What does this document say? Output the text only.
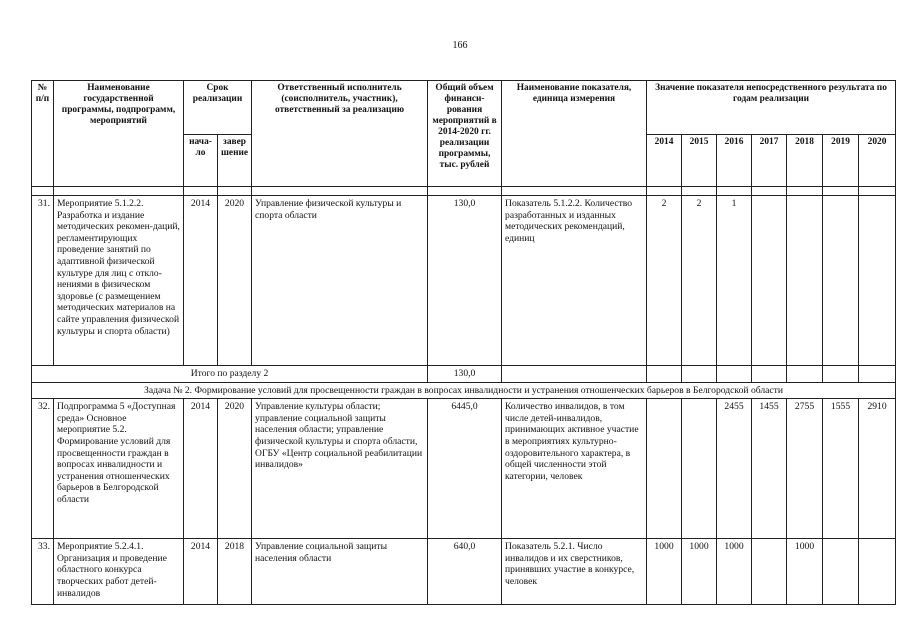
166
№ п/п	Наименование государственной программы, подпрограмм, мероприятий	Срок реализации		Ответственный исполнитель (соисполнитель, участник), ответственный за реализацию	Общий объем финанси-рования мероприятий в 2014-2020 гг. реализации программы, тыс. рублей	Наименование показателя, единица измерения	Значение показателя непосредственного результата по годам реализации						
		нача-ло	завер шение				2014	2015	2016	2017	2018	2019	2020

31.	Мероприятие 5.1.2.2. Разработка и издание методических рекомен-даций, регламентирующих проведение занятий по адаптивной физической культуре для лиц с откло-нениями в физическом здоровье (с размещением методических материалов на сайте управления физической культуры и спорта области)	2014	2020	Управление физической культуры и спорта области	130,0	Показатель 5.1.2.2. Количество разработанных и изданных методических рекомендаций, единиц	2	2	1				
Итого по разделу 2					130,0								
Задача № 2. Формирование условий для просвещенности граждан в вопросах инвалидности и устранения отношенческих барьеров в Белгородской области													
32.	Подпрограмма 5 «Доступная среда» Основное мероприятие 5.2. Формирование условий для просвещенности граждан в вопросах инвалидности и устранения отношенческих барьеров в Белгородской области	2014	2020	Управление культуры области; управление социальной защиты населения области; управление физической культуры и спорта области, ОГБУ «Центр социальной реабилитации инвалидов»	6445,0	Количество инвалидов, в том числе детей-инвалидов, принимающих активное участие в мероприятиях культурно-оздоровительного характера, в общей численности этой категории, человек			2455	1455	2755	1555	2910
33.	Мероприятие 5.2.4.1. Организация и проведение областного конкурса творческих работ детей-инвалидов	2014	2018	Управление социальной защиты населения области	640,0	Показатель 5.2.1. Число инвалидов и их сверстников, принявших участие в конкурсе, человек	1000	1000	1000		1000		
